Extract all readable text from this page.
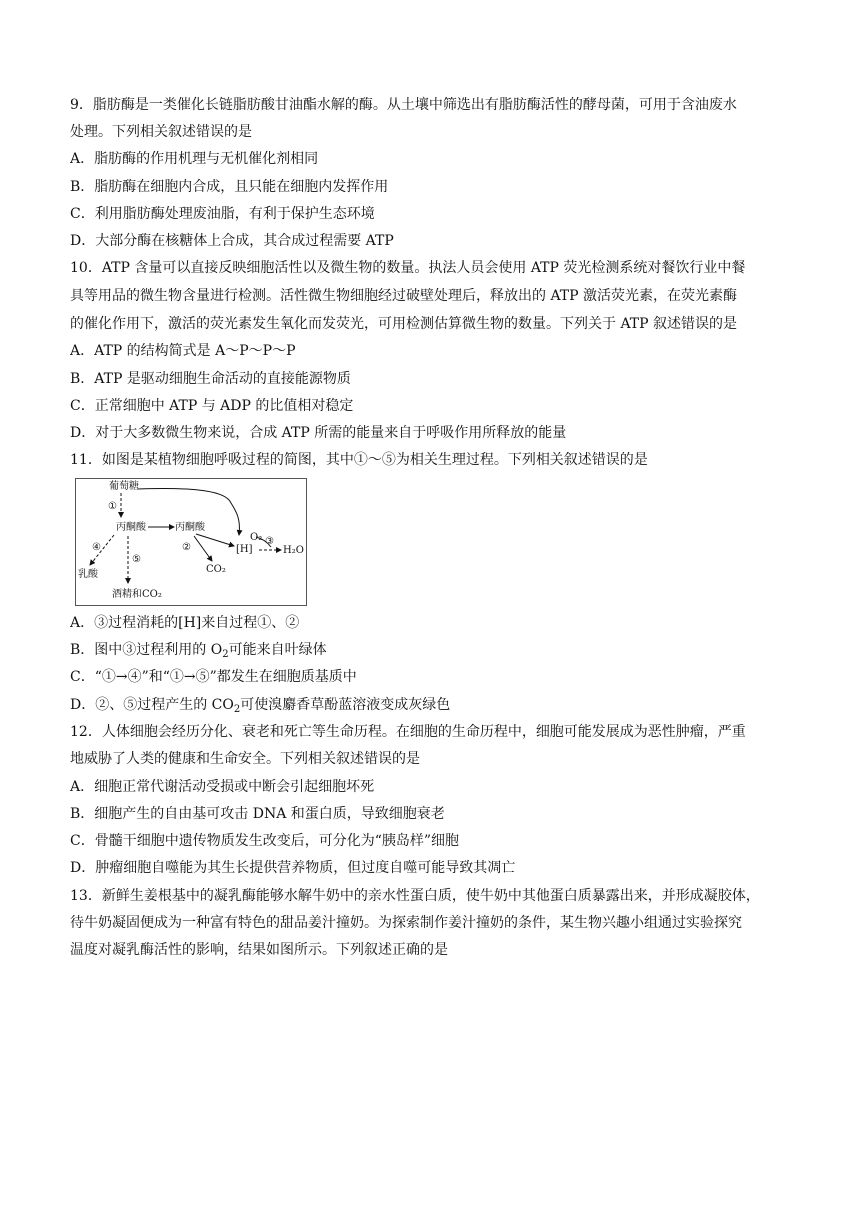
9．脂肪酶是一类催化长链脂肪酸甘油酯水解的酶。从土壤中筛选出有脂肪酶活性的酵母菌，可用于含油废水
处理。下列相关叙述错误的是
A．脂肪酶的作用机理与无机催化剂相同
B．脂肪酶在细胞内合成，且只能在细胞内发挥作用
C．利用脂肪酶处理废油脂，有利于保护生态环境
D．大部分酶在核糖体上合成，其合成过程需要 ATP
10．ATP 含量可以直接反映细胞活性以及微生物的数量。执法人员会使用 ATP 荧光检测系统对餐饮行业中餐
具等用品的微生物含量进行检测。活性微生物细胞经过破壁处理后，释放出的 ATP 激活荧光素，在荧光素酶
的催化作用下，激活的荧光素发生氧化而发荧光，可用检测估算微生物的数量。下列关于 ATP 叙述错误的是
A．ATP 的结构简式是 A～P～P～P
B．ATP 是驱动细胞生命活动的直接能源物质
C．正常细胞中 ATP 与 ADP 的比值相对稳定
D．对于大多数微生物来说，合成 ATP 所需的能量来自于呼吸作用所释放的能量
11．如图是某植物细胞呼吸过程的简图，其中①～⑤为相关生理过程。下列相关叙述错误的是
葡萄糖
①
丙酮酸	丙酮酸
②	[H]
O₂ ③
H₂O
CO₂
④
⑤
乳酸
酒精和CO₂
A．③过程消耗的[H]来自过程①、②
B．图中③过程利用的 $O_2$可能来自叶绿体
C．“①→④”和“①→⑤”都发生在细胞质基质中
D．②、⑤过程产生的 $CO_2$可使溴麝香草酚蓝溶液变成灰绿色
12．人体细胞会经历分化、衰老和死亡等生命历程。在细胞的生命历程中，细胞可能发展成为恶性肿瘤，严重
地威胁了人类的健康和生命安全。下列相关叙述错误的是
A．细胞正常代谢活动受损或中断会引起细胞坏死
B．细胞产生的自由基可攻击 DNA 和蛋白质，导致细胞衰老
C．骨髓干细胞中遗传物质发生改变后，可分化为“胰岛样”细胞
D．肿瘤细胞自噬能为其生长提供营养物质，但过度自噬可能导致其凋亡
13．新鲜生姜根基中的凝乳酶能够水解牛奶中的亲水性蛋白质，使牛奶中其他蛋白质暴露出来，并形成凝胶体，
待牛奶凝固便成为一种富有特色的甜品姜汁撞奶。为探索制作姜汁撞奶的条件，某生物兴趣小组通过实验探究
温度对凝乳酶活性的影响，结果如图所示。下列叙述正确的是
